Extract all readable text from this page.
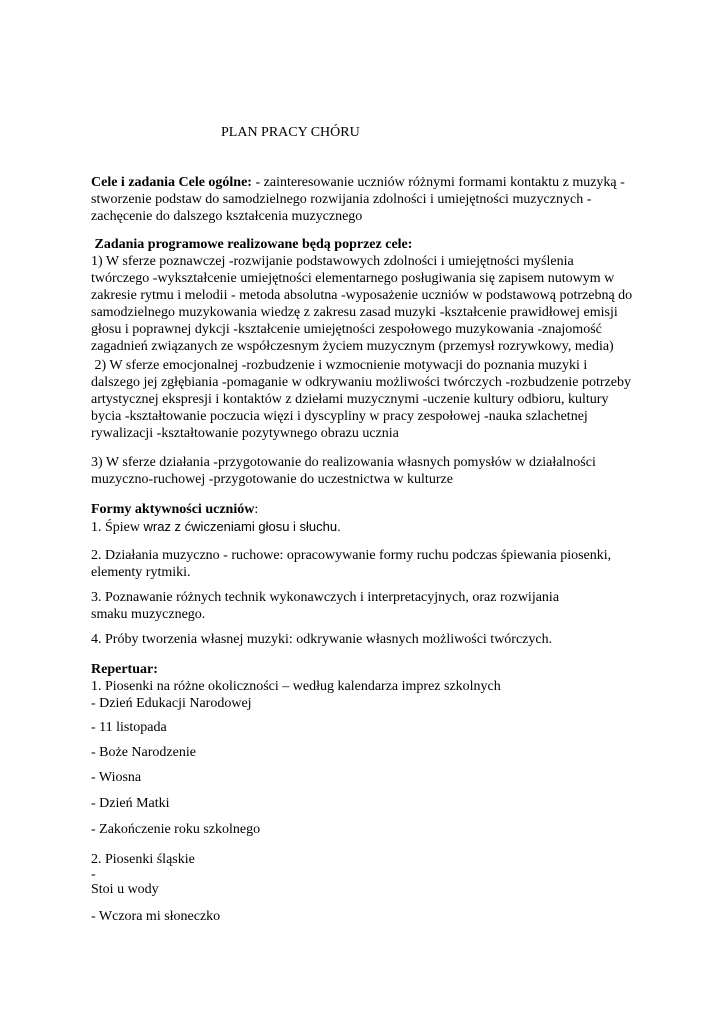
PLAN PRACY CHÓRU
Cele i zadania Cele ogólne: - zainteresowanie uczniów różnymi formami kontaktu z muzyką -
stworzenie podstaw do samodzielnego rozwijania zdolności i umiejętności muzycznych -
zachęcenie do dalszego kształcenia muzycznego
Zadania programowe realizowane będą poprzez cele:
1) W sferze poznawczej -rozwijanie podstawowych zdolności i umiejętności myślenia
twórczego -wykształcenie umiejętności elementarnego posługiwania się zapisem nutowym w
zakresie rytmu i melodii - metoda absolutna -wyposażenie uczniów w podstawową potrzebną do
samodzielnego muzykowania wiedzę z zakresu zasad muzyki -kształcenie prawidłowej emisji
głosu i poprawnej dykcji -kształcenie umiejętności zespołowego muzykowania -znajomość
zagadnień związanych ze współczesnym życiem muzycznym (przemysł rozrywkowy, media)
2) W sferze emocjonalnej -rozbudzenie i wzmocnienie motywacji do poznania muzyki i
dalszego jej zgłębiania -pomaganie w odkrywaniu możliwości twórczych -rozbudzenie potrzeby
artystycznej ekspresji i kontaktów z dziełami muzycznymi -uczenie kultury odbioru, kultury
bycia -kształtowanie poczucia więzi i dyscypliny w pracy zespołowej -nauka szlachetnej
rywalizacji -kształtowanie pozytywnego obrazu ucznia
3) W sferze działania -przygotowanie do realizowania własnych pomysłów w działalności
muzyczno-ruchowej -przygotowanie do uczestnictwa w kulturze
Formy aktywności uczniów:
1. Śpiew wraz z ćwiczeniami głosu i słuchu.
2. Działania muzyczno - ruchowe: opracowywanie formy ruchu podczas śpiewania piosenki,
elementy rytmiki.
3. Poznawanie różnych technik wykonawczych i interpretacyjnych, oraz rozwijania
smaku muzycznego.
4. Próby tworzenia własnej muzyki: odkrywanie własnych możliwości twórczych.
Repertuar:
1. Piosenki na różne okoliczności – według kalendarza imprez szkolnych
- Dzień Edukacji Narodowej
- 11 listopada
- Boże Narodzenie
- Wiosna
- Dzień Matki
- Zakończenie roku szkolnego
2. Piosenki śląskie
-
Stoi u wody
- Wczora mi słoneczko
